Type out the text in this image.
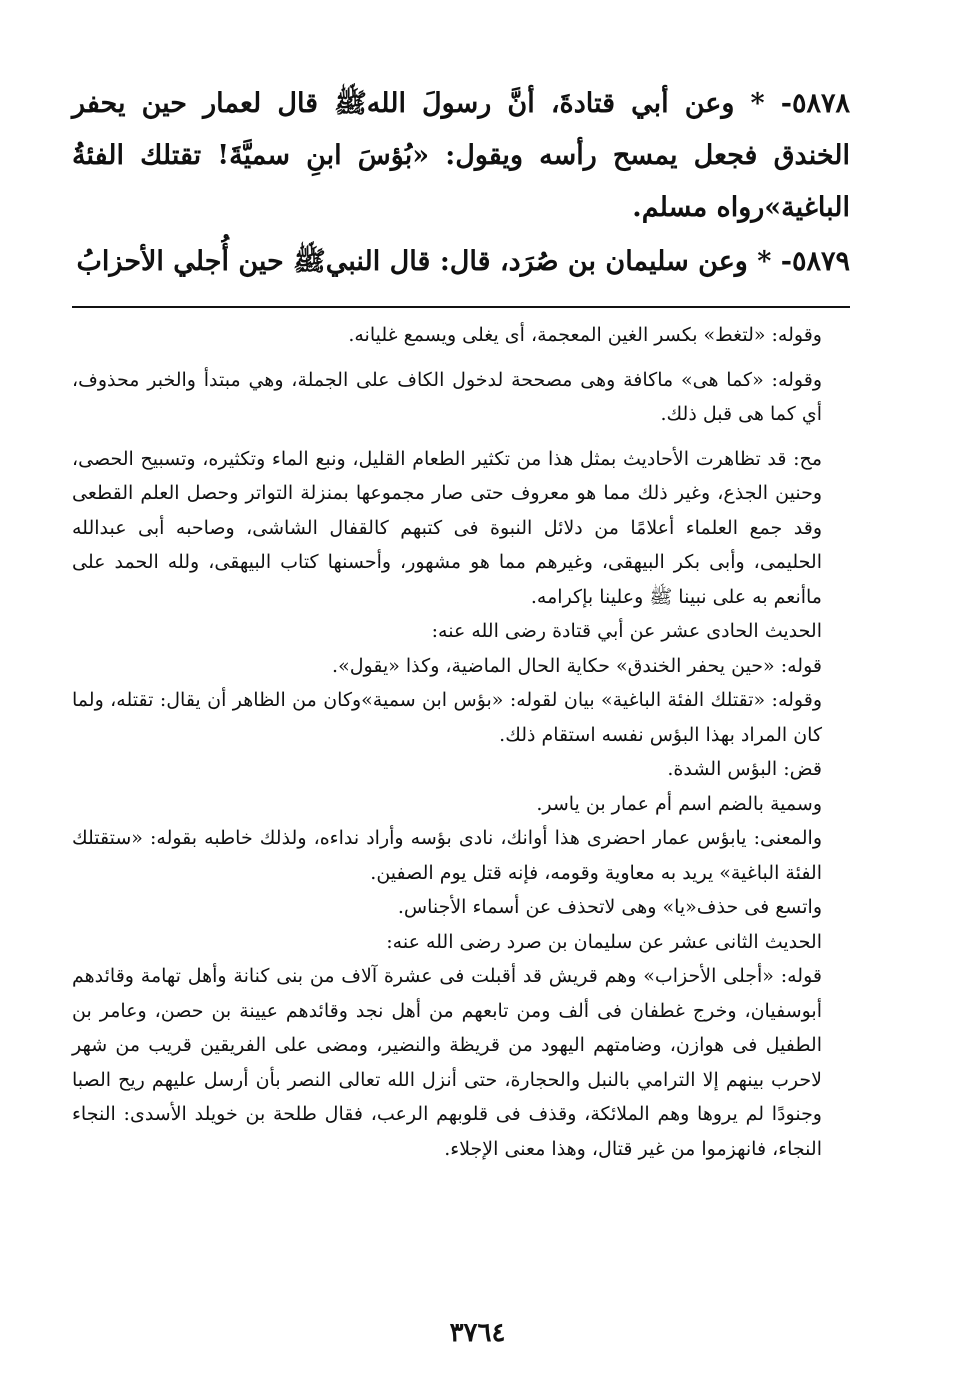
٥٨٧٨- * وعن أبي قتادةَ، أنَّ رسولَ اللهﷺ قال لعمار حين يحفر الخندق فجعل يمسح رأسه ويقول: «بُؤسَ ابنِ سميَّةَ! تقتلك الفئةُ الباغية»رواه مسلم.

٥٨٧٩- * وعن سليمان بن صُرَد، قال: قال النبيﷺ حين أُجلي الأحزابُ

وقوله: «لتغط» بكسر الغين المعجمة، أى يغلى ويسمع غليانه.

وقوله: «كما هى» ماكافة وهى مصححة لدخول الكاف على الجملة، وهي مبتدأ والخبر محذوف، أي كما هى قبل ذلك.

مح: قد تظاهرت الأحاديث بمثل هذا من تكثير الطعام القليل، ونبع الماء وتكثيره، وتسبيح الحصى، وحنين الجذع، وغير ذلك مما هو معروف حتى صار مجموعها بمنزلة التواتر وحصل العلم القطعى وقد جمع العلماء أعلامًا من دلائل النبوة فى كتبهم كالقفال الشاشى، وصاحبه أبى عبدالله الحليمى، وأبى بكر البيهقى، وغيرهم مما هو مشهور، وأحسنها كتاب البيهقى، ولله الحمد على ماأنعم به على نبينا ﷺ وعلينا بإكرامه.

الحديث الحادى عشر عن أبي قتادة رضى الله عنه:

قوله: «حين يحفر الخندق» حكاية الحال الماضية، وكذا «يقول».

وقوله: «تقتلك الفئة الباغية» بيان لقوله: «بؤس ابن سمية»وكان من الظاهر أن يقال: تقتله، ولما كان المراد بهذا البؤس نفسه استقام ذلك.

قض: البؤس الشدة.

وسمية بالضم اسم أم عمار بن ياسر.

والمعنى: يابؤس عمار احضرى هذا أوانك، نادى بؤسه وأراد نداءه، ولذلك خاطبه بقوله: «ستقتلك الفئة الباغية» يريد به معاوية وقومه، فإنه قتل يوم الصفين.

واتسع فى حذف«يا» وهى لاتحذف عن أسماء الأجناس.

الحديث الثانى عشر عن سليمان بن صرد رضى الله عنه:

قوله: «أجلى الأحزاب» وهم قريش قد أقبلت فى عشرة آلاف من بنى كنانة وأهل تهامة وقائدهم أبوسفيان، وخرج غطفان فى ألف ومن تابعهم من أهل نجد وقائدهم عيينة بن حصن، وعامر بن الطفيل فى هوازن، وضامتهم اليهود من قريظة والنضير، ومضى على الفريقين قريب من شهر لاحرب بينهم إلا الترامي بالنبل والحجارة، حتى أنزل الله تعالى النصر بأن أرسل عليهم ريح الصبا وجنودًا لم يروها وهم الملائكة، وقذف فى قلوبهم الرعب، فقال طلحة بن خويلد الأسدى: النجاء النجاء، فانهزموا من غير قتال، وهذا معنى الإجلاء.

٣٧٦٤
